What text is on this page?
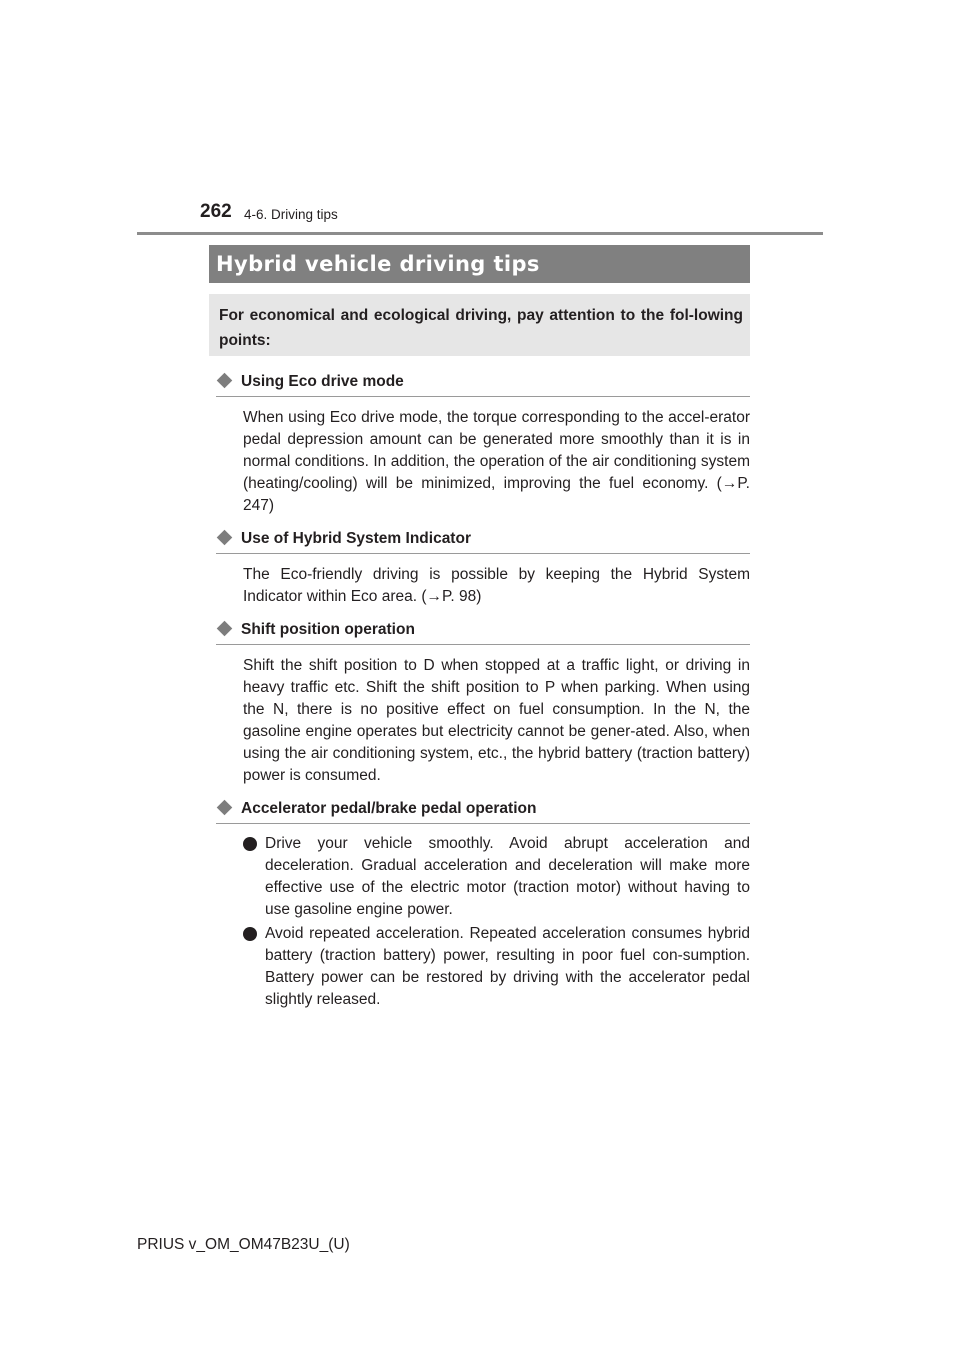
262 4-6. Driving tips
Hybrid vehicle driving tips
For economical and ecological driving, pay attention to the fol-lowing points:
Using Eco drive mode

When using Eco drive mode, the torque corresponding to the accel-erator pedal depression amount can be generated more smoothly than it is in normal conditions. In addition, the operation of the air conditioning system (heating/cooling) will be minimized, improving the fuel economy. (→P. 247)

Use of Hybrid System Indicator

The Eco-friendly driving is possible by keeping the Hybrid System Indicator within Eco area. (→P. 98)

Shift position operation

Shift the shift position to D when stopped at a traffic light, or driving in heavy traffic etc. Shift the shift position to P when parking. When using the N, there is no positive effect on fuel consumption. In the N, the gasoline engine operates but electricity cannot be gener-ated. Also, when using the air conditioning system, etc., the hybrid battery (traction battery) power is consumed.

Accelerator pedal/brake pedal operation
Drive your vehicle smoothly. Avoid abrupt acceleration and deceleration. Gradual acceleration and deceleration will make more effective use of the electric motor (traction motor) without having to use gasoline engine power.
Avoid repeated acceleration. Repeated acceleration consumes hybrid battery (traction battery) power, resulting in poor fuel con-sumption. Battery power can be restored by driving with the accelerator pedal slightly released.
PRIUS v_OM_OM47B23U_(U)
